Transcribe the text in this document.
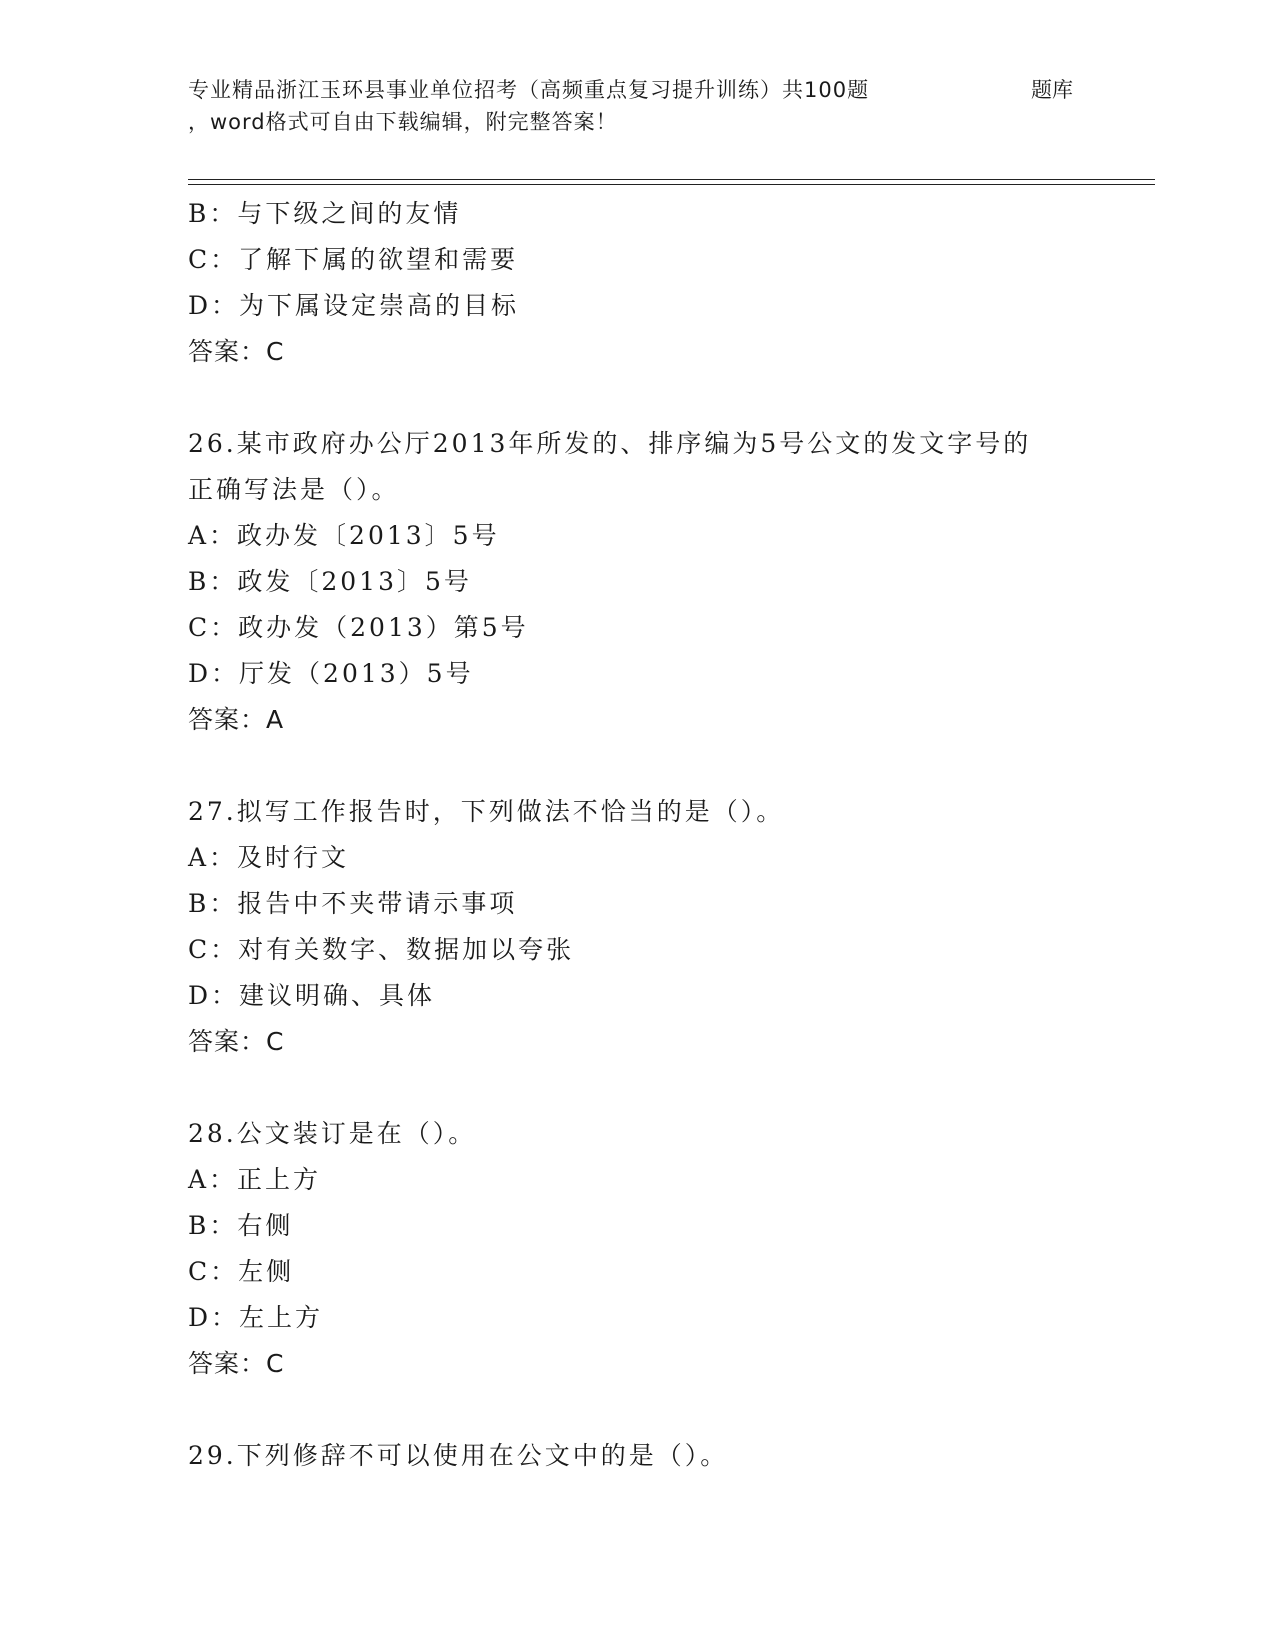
专业精品浙江玉环县事业单位招考（高频重点复习提升训练）共100题	题库
，word格式可自由下载编辑，附完整答案！
B：与下级之间的友情
C：了解下属的欲望和需要
D：为下属设定崇高的目标
答案：C
26.某市政府办公厅2013年所发的、排序编为5号公文的发文字号的
正确写法是（）。
A：政办发〔2013〕5号
B：政发〔2013〕5号
C：政办发（2013）第5号
D：厅发（2013）5号
答案：A
27.拟写工作报告时，下列做法不恰当的是（）。
A：及时行文
B：报告中不夹带请示事项
C：对有关数字、数据加以夸张
D：建议明确、具体
答案：C
28.公文装订是在（）。
A：正上方
B：右侧
C：左侧
D：左上方
答案：C
29.下列修辞不可以使用在公文中的是（）。
